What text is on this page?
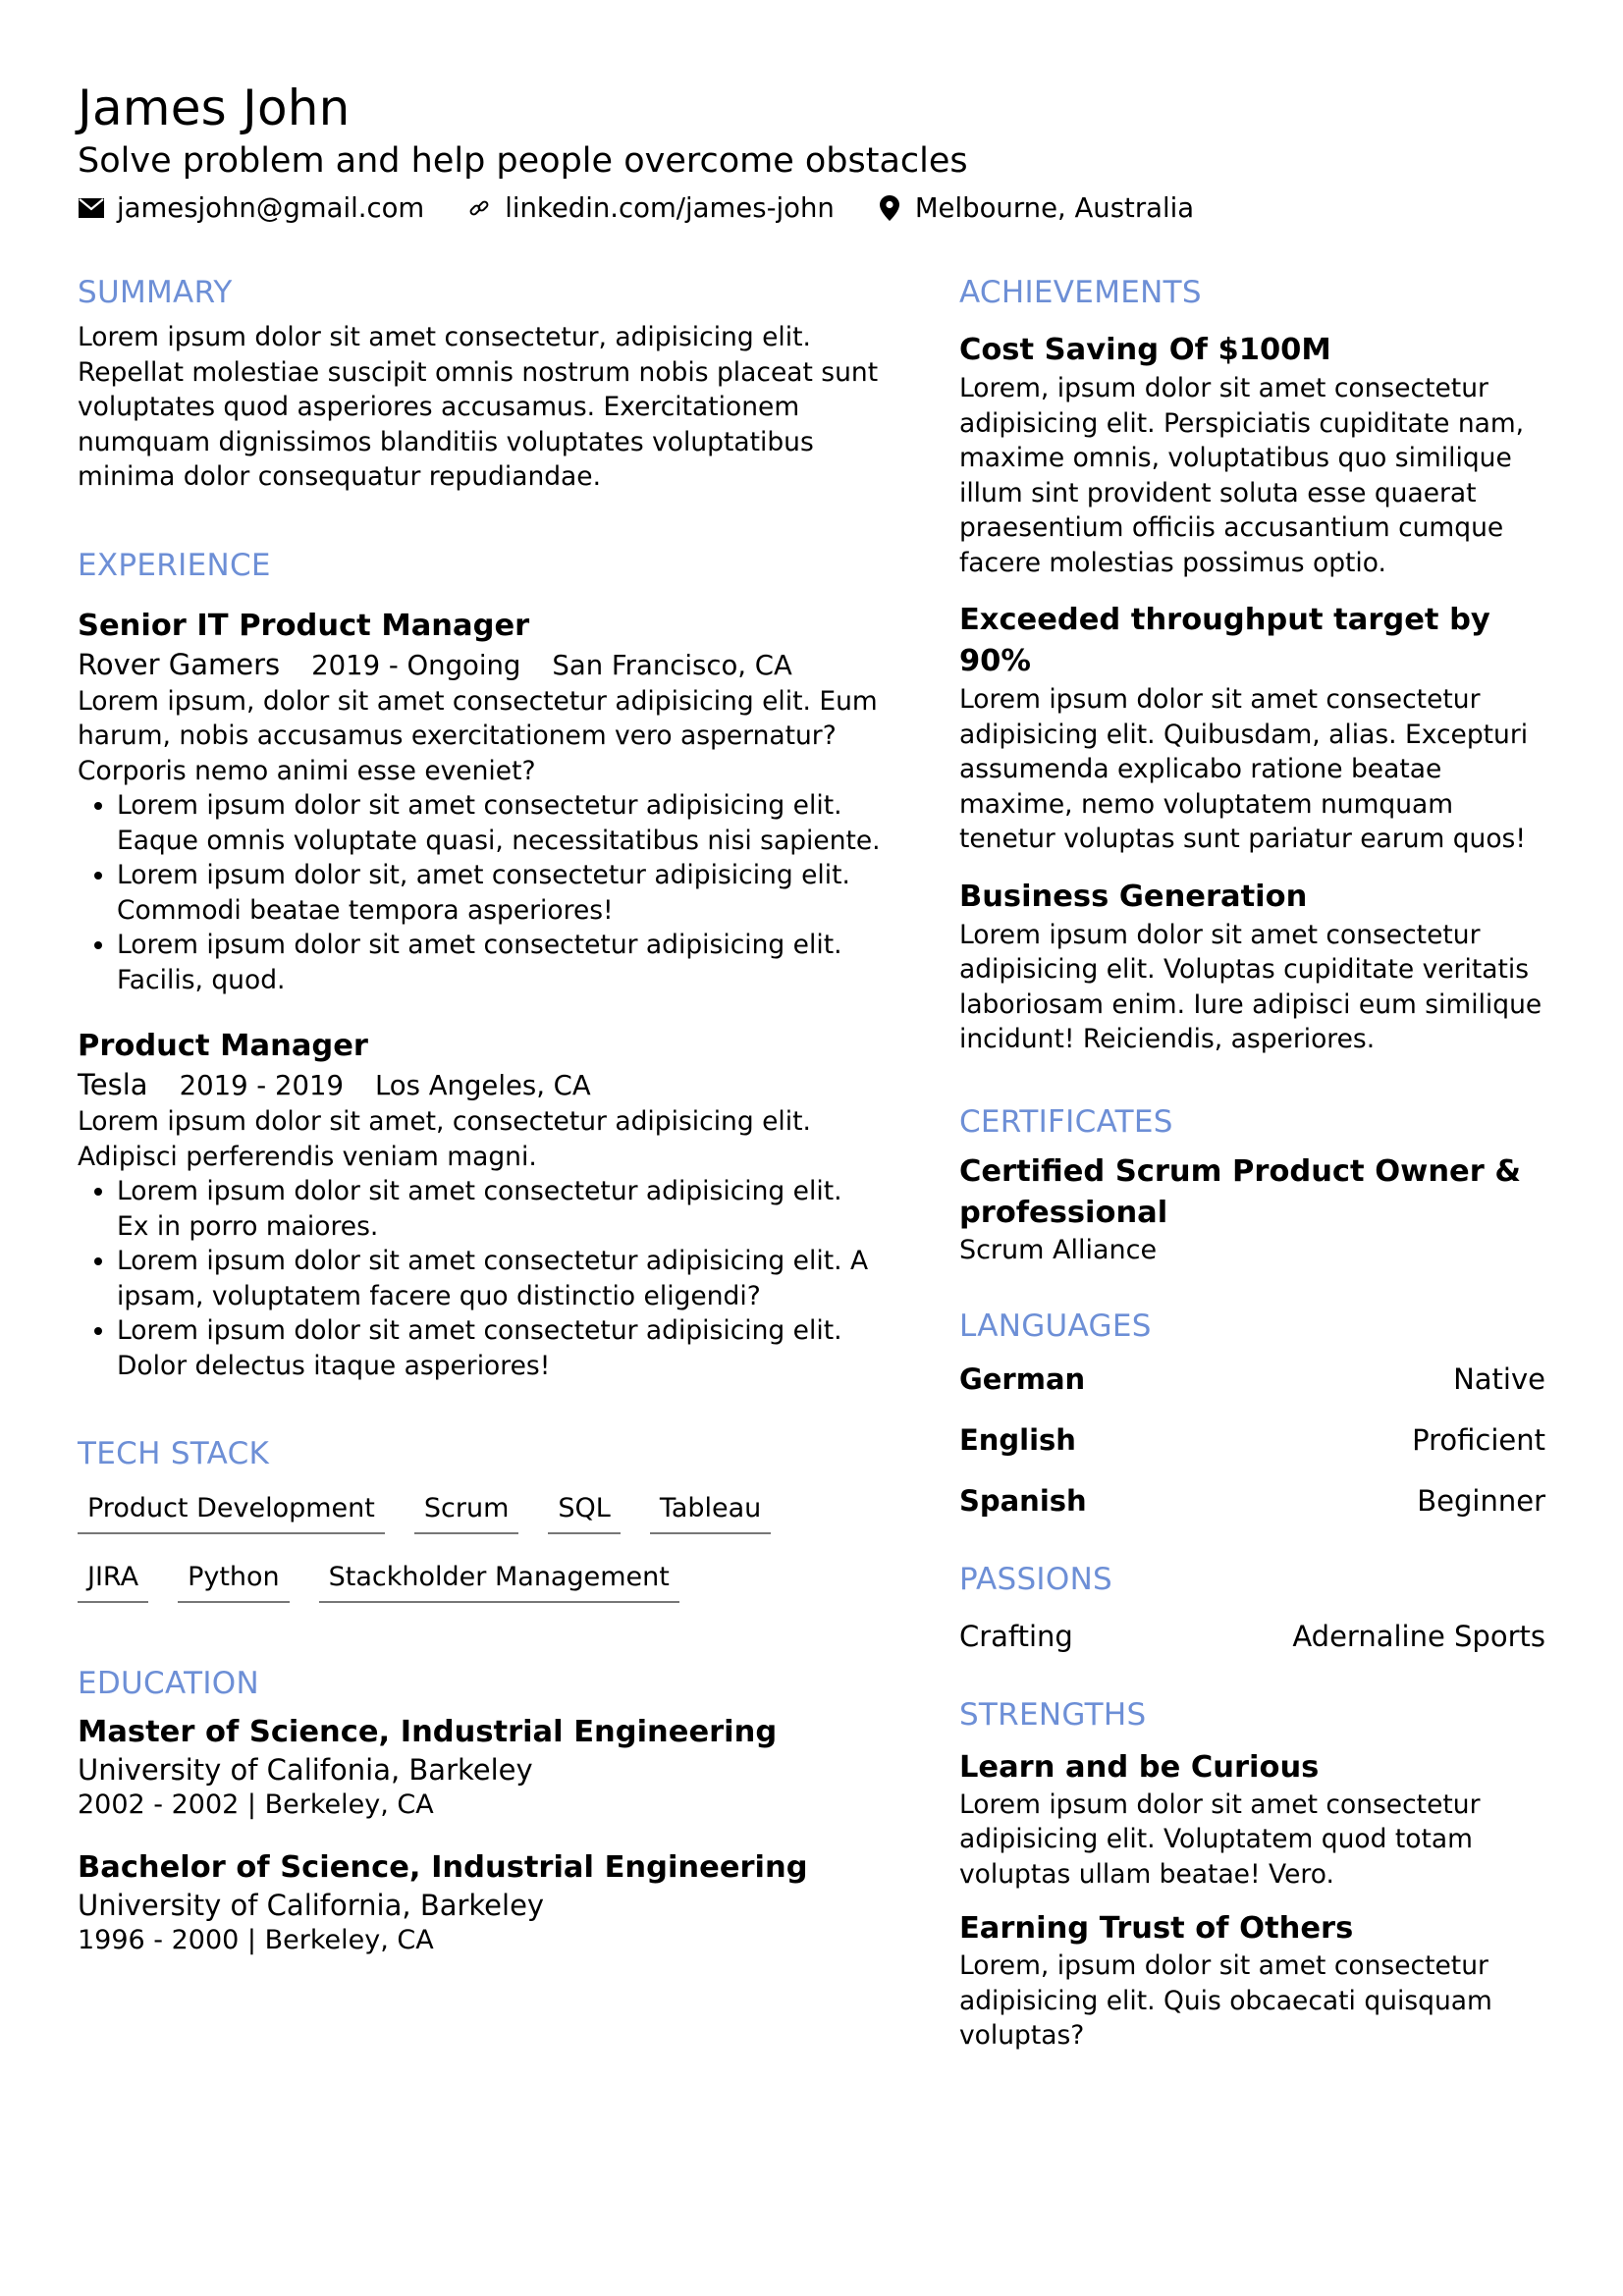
James John

Solve problem and help people overcome obstacles

jamesjohn@gmail.com	linkedin.com/james-john	Melbourne, Australia
SUMMARY

Lorem ipsum dolor sit amet consectetur, adipisicing elit. Repellat molestiae suscipit omnis nostrum nobis placeat sunt voluptates quod asperiores accusamus. Exercitationem numquam dignissimos blanditiis voluptates voluptatibus minima dolor consequatur repudiandae.

EXPERIENCE

Senior IT Product Manager

Rover Gamers 2019 - Ongoing San Francisco, CA

Lorem ipsum, dolor sit amet consectetur adipisicing elit. Eum harum, nobis accusamus exercitationem vero aspernatur? Corporis nemo animi esse eveniet?

• Lorem ipsum dolor sit amet consectetur adipisicing elit. Eaque omnis voluptate quasi, necessitatibus nisi sapiente.
• Lorem ipsum dolor sit, amet consectetur adipisicing elit. Commodi beatae tempora asperiores!
• Lorem ipsum dolor sit amet consectetur adipisicing elit. Facilis, quod.

Product Manager

Tesla 2019 - 2019 Los Angeles, CA

Lorem ipsum dolor sit amet, consectetur adipisicing elit. Adipisci perferendis veniam magni.

• Lorem ipsum dolor sit amet consectetur adipisicing elit. Ex in porro maiores.
• Lorem ipsum dolor sit amet consectetur adipisicing elit. A ipsam, voluptatem facere quo distinctio eligendi?
• Lorem ipsum dolor sit amet consectetur adipisicing elit. Dolor delectus itaque asperiores!
TECH STACK
Product Development	Scrum	SQL	Tableau
JIRA	Python	Stackholder Management
EDUCATION

Master of Science, Industrial Engineering

University of Califonia, Barkeley

2002 - 2002 | Berkeley, CA

Bachelor of Science, Industrial Engineering

University of California, Barkeley

1996 - 2000 | Berkeley, CA

ACHIEVEMENTS

Cost Saving Of $100M

Lorem, ipsum dolor sit amet consectetur adipisicing elit. Perspiciatis cupiditate nam, maxime omnis, voluptatibus quo similique illum sint provident soluta esse quaerat praesentium officiis accusantium cumque facere molestias possimus optio.

Exceeded throughput target by 90%

Lorem ipsum dolor sit amet consectetur adipisicing elit. Quibusdam, alias. Excepturi assumenda explicabo ratione beatae maxime, nemo voluptatem numquam tenetur voluptas sunt pariatur earum quos!

Business Generation

Lorem ipsum dolor sit amet consectetur adipisicing elit. Voluptas cupiditate veritatis laboriosam enim. Iure adipisci eum similique incidunt! Reiciendis, asperiores.

CERTIFICATES

Certified Scrum Product Owner & professional

Scrum Alliance

LANGUAGES
German	Native
English	Proficient
Spanish	Beginner
PASSIONS
Crafting	Adernaline Sports
STRENGTHS

Learn and be Curious

Lorem ipsum dolor sit amet consectetur adipisicing elit. Voluptatem quod totam voluptas ullam beatae! Vero.

Earning Trust of Others

Lorem, ipsum dolor sit amet consectetur adipisicing elit. Quis obcaecati quisquam voluptas?
